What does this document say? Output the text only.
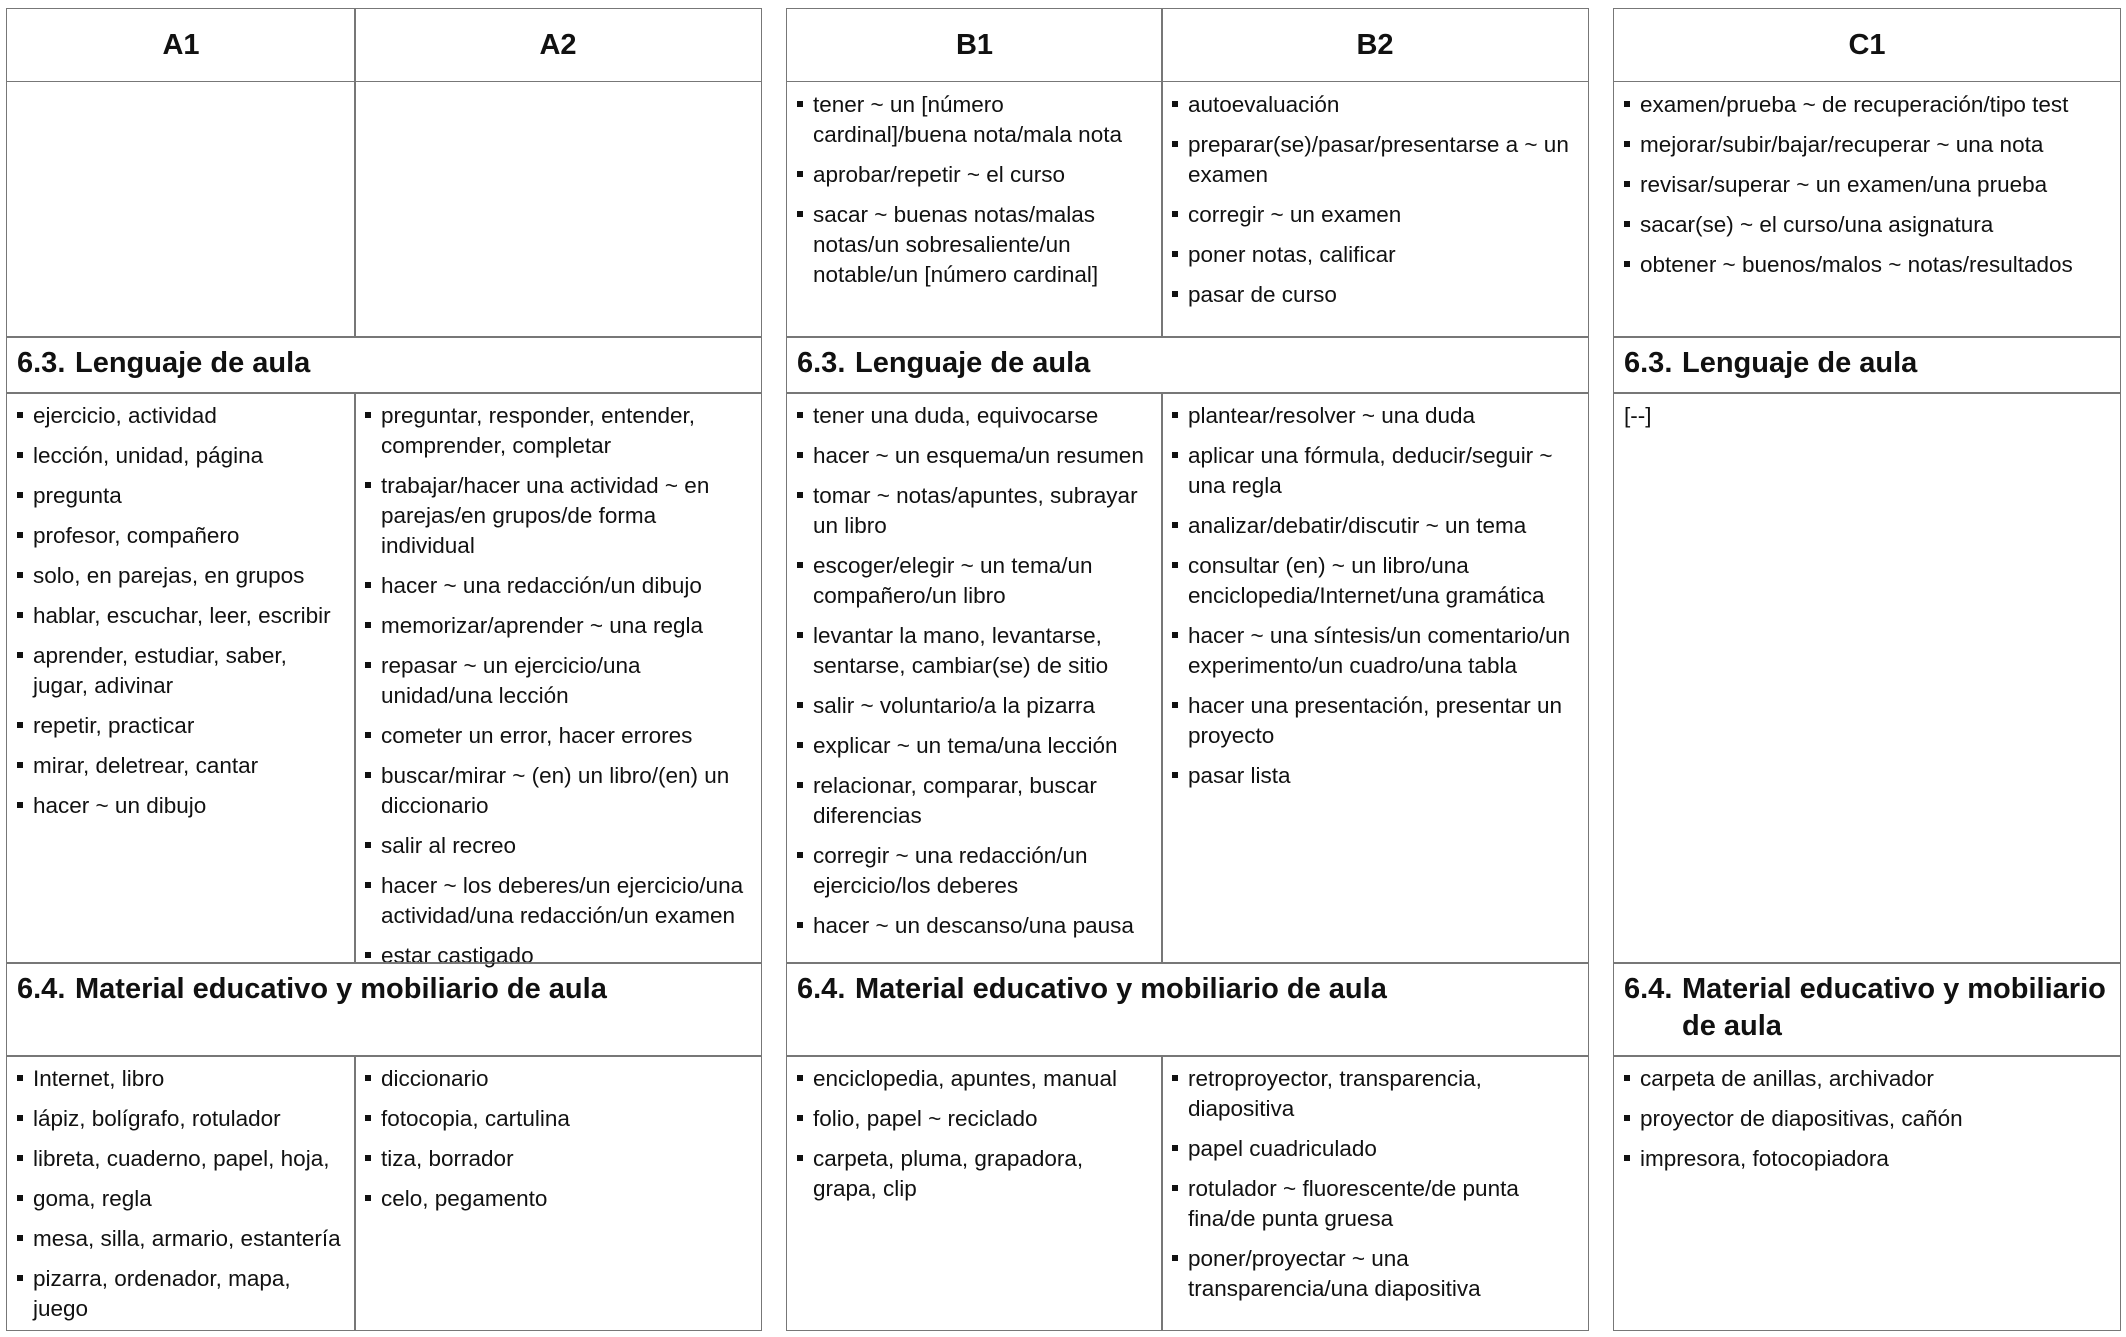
A1	A2
6.3. Lenguaje de aula
ejercicio, actividad
lección, unidad, página
pregunta
profesor, compañero
solo, en parejas, en grupos
hablar, escuchar, leer, escribir
aprender, estudiar, saber, jugar, adivinar
repetir, practicar
mirar, deletrear, cantar
hacer ~ un dibujo
preguntar, responder, entender, comprender, completar
trabajar/hacer una actividad ~ en parejas/en grupos/de forma individual
hacer ~ una redacción/un dibujo
memorizar/aprender ~ una regla
repasar ~ un ejercicio/una unidad/una lección
cometer un error, hacer errores
buscar/mirar ~ (en) un libro/(en) un diccionario
salir al recreo
hacer ~ los deberes/un ejercicio/una actividad/una redacción/un examen
estar castigado
6.4. Material educativo y mobiliario de aula
Internet, libro
lápiz, bolígrafo, rotulador
libreta, cuaderno, papel, hoja,
goma, regla
mesa, silla, armario, estantería
pizarra, ordenador, mapa, juego
diccionario
fotocopia, cartulina
tiza, borrador
celo, pegamento
B1	B2
tener ~ un [número cardinal]/buena nota/mala nota
aprobar/repetir ~ el curso
sacar ~ buenas notas/malas notas/un sobresaliente/un notable/un [número cardinal]
autoevaluación
preparar(se)/pasar/presentarse a ~ un examen
corregir ~ un examen
poner notas, calificar
pasar de curso
6.3. Lenguaje de aula
tener una duda, equivocarse
hacer ~ un esquema/un resumen
tomar ~ notas/apuntes, subrayar un libro
escoger/elegir ~ un tema/un compañero/un libro
levantar la mano, levantarse, sentarse, cambiar(se) de sitio
salir ~ voluntario/a la pizarra
explicar ~ un tema/una lección
relacionar, comparar, buscar diferencias
corregir ~ una redacción/un ejercicio/los deberes
hacer ~ un descanso/una pausa
plantear/resolver ~ una duda
aplicar una fórmula, deducir/seguir ~ una regla
analizar/debatir/discutir ~ un tema
consultar (en) ~ un libro/una enciclopedia/Internet/una gramática
hacer ~ una síntesis/un comentario/un experimento/un cuadro/una tabla
hacer una presentación, presentar un proyecto
pasar lista
6.4. Material educativo y mobiliario de aula
enciclopedia, apuntes, manual
folio, papel ~ reciclado
carpeta, pluma, grapadora, grapa, clip
retroproyector, transparencia, diapositiva
papel cuadriculado
rotulador ~ fluorescente/de punta fina/de punta gruesa
poner/proyectar ~ una transparencia/una diapositiva
C1
examen/prueba ~ de recuperación/tipo test
mejorar/subir/bajar/recuperar ~ una nota
revisar/superar ~ un examen/una prueba
sacar(se) ~ el curso/una asignatura
obtener ~ buenos/malos ~ notas/resultados
6.3. Lenguaje de aula
[--]
6.4. Material educativo y mobiliario de aula
carpeta de anillas, archivador
proyector de diapositivas, cañón
impresora, fotocopiadora
